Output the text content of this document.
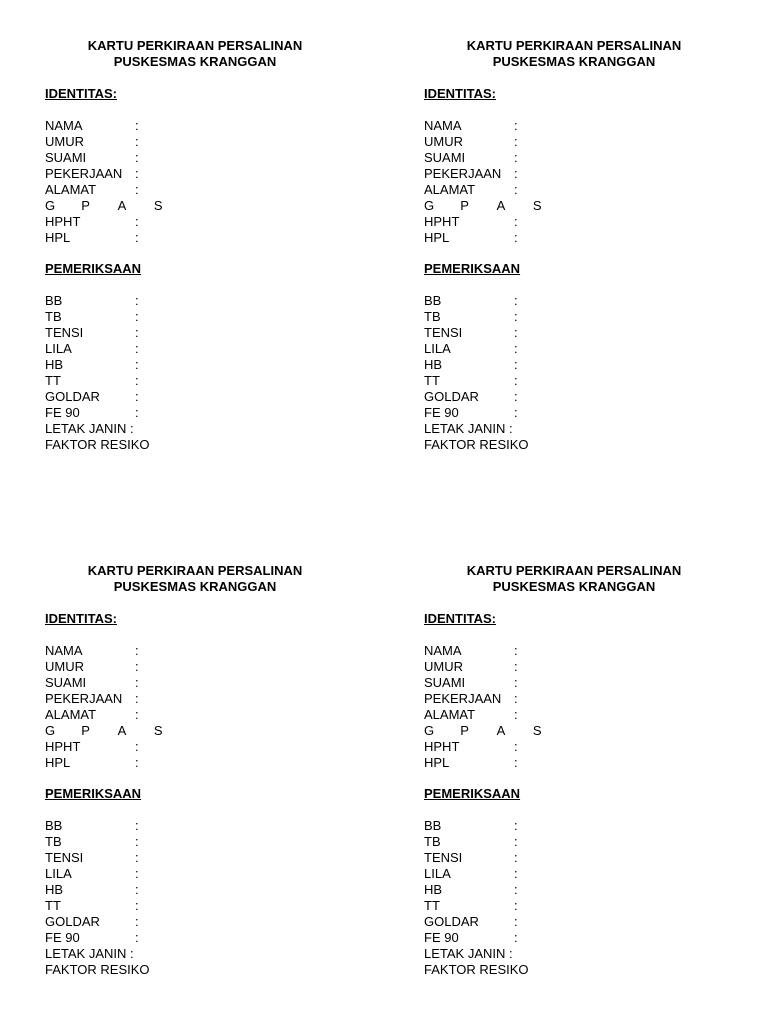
KARTU PERKIRAAN PERSALINAN
PUSKESMAS KRANGGAN
IDENTITAS:
NAMA	:
UMUR	:
SUAMI	:
PEKERJAAN :
ALAMAT	:
G P A S
HPHT	:
HPL	:
PEMERIKSAAN
BB	:
TB	:
TENSI	:
LILA	:
HB	:
TT	:
GOLDAR	:
FE 90	:
LETAK JANIN :
FAKTOR RESIKO
KARTU PERKIRAAN PERSALINAN
PUSKESMAS KRANGGAN
IDENTITAS:
NAMA	:
UMUR	:
SUAMI	:
PEKERJAAN :
ALAMAT	:
G P A S
HPHT	:
HPL	:
PEMERIKSAAN
BB	:
TB	:
TENSI	:
LILA	:
HB	:
TT	:
GOLDAR	:
FE 90	:
LETAK JANIN :
FAKTOR RESIKO
KARTU PERKIRAAN PERSALINAN
PUSKESMAS KRANGGAN
IDENTITAS:
NAMA	:
UMUR	:
SUAMI	:
PEKERJAAN :
ALAMAT	:
G P A S
HPHT	:
HPL	:
PEMERIKSAAN
BB	:
TB	:
TENSI	:
LILA	:
HB	:
TT	:
GOLDAR	:
FE 90	:
LETAK JANIN :
FAKTOR RESIKO
KARTU PERKIRAAN PERSALINAN
PUSKESMAS KRANGGAN
IDENTITAS:
NAMA	:
UMUR	:
SUAMI	:
PEKERJAAN :
ALAMAT	:
G P A S
HPHT	:
HPL	:
PEMERIKSAAN
BB	:
TB	:
TENSI	:
LILA	:
HB	:
TT	:
GOLDAR	:
FE 90	:
LETAK JANIN :
FAKTOR RESIKO
